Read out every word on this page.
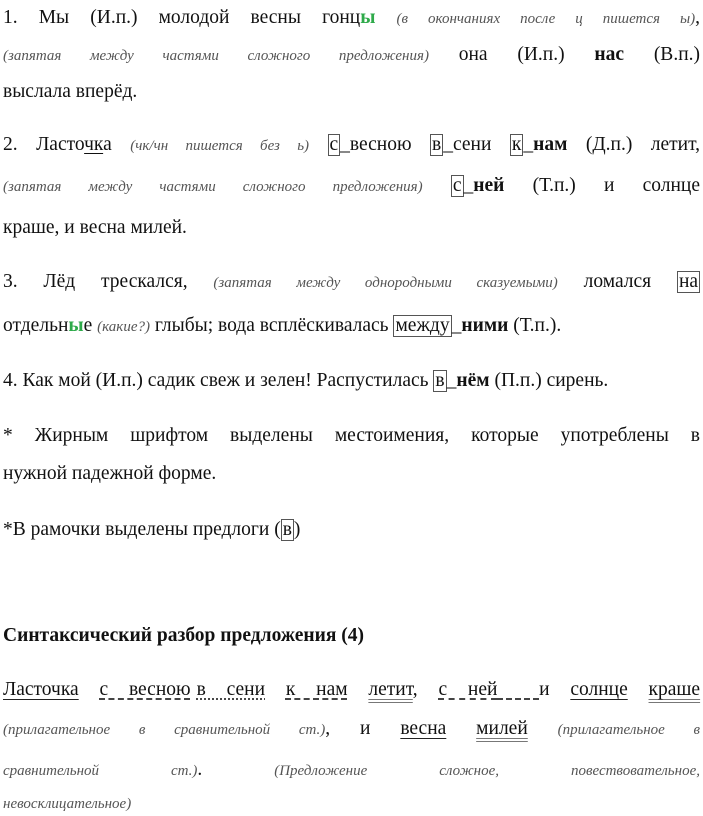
1. Мы (И.п.) молодой весны гонцы (в окончаниях после ц пишется ы),
(запятая между частями сложного предложения) она (И.п.) нас (В.п.)
выслала вперёд.
2. Ласточка (чк/чн пишется без ь) с _весною в _сени к _нам (Д.п.) летит,
(запятая между частями сложного предложения) с _ней (Т.п.) и солнце
краше, и весна милей.
3. Лёд трескался, (запятая между однородными сказуемыми) ломался на
отдельные (какие?) глыбы; вода всплёскивалась между _ними (Т.п.).
4. Как мой (И.п.) садик свеж и зелен! Распустилась в _нём (П.п.) сирень.
* Жирным шрифтом выделены местоимения, которые употреблены в
нужной падежной форме.
*В рамочки выделены предлоги ( в )
Синтаксический разбор предложения (4)
Ласточка с весною в сени к нам летит, с ней и солнце краше
(прилагательное в сравнительной ст.), и весна милей (прилагательное в
сравнительной	ст.).	(Предложение	сложное,	повествовательное,
невосклицательное)
